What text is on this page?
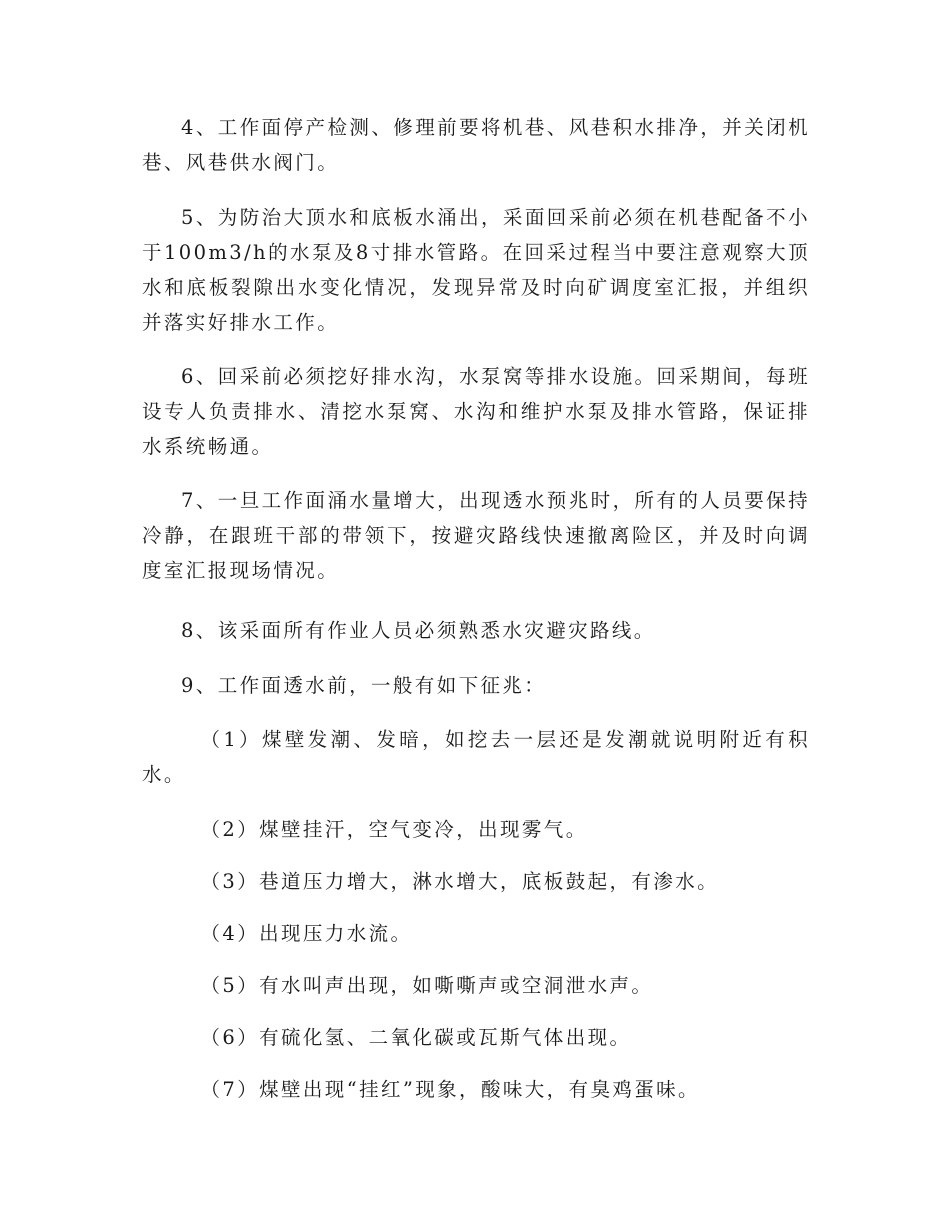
4、工作面停产检测、修理前要将机巷、风巷积水排净，并关闭机巷、风巷供水阀门。

5、为防治大顶水和底板水涌出，采面回采前必须在机巷配备不小于100m3/h的水泵及8寸排水管路。在回采过程当中要注意观察大顶水和底板裂隙出水变化情况，发现异常及时向矿调度室汇报，并组织并落实好排水工作。

6、回采前必须挖好排水沟，水泵窝等排水设施。回采期间，每班设专人负责排水、清挖水泵窝、水沟和维护水泵及排水管路，保证排水系统畅通。

7、一旦工作面涌水量增大，出现透水预兆时，所有的人员要保持冷静，在跟班干部的带领下，按避灾路线快速撤离险区，并及时向调度室汇报现场情况。

8、该采面所有作业人员必须熟悉水灾避灾路线。

9、工作面透水前，一般有如下征兆：

（1）煤壁发潮、发暗，如挖去一层还是发潮就说明附近有积水。

（2）煤壁挂汗，空气变冷，出现雾气。

（3）巷道压力增大，淋水增大，底板鼓起，有渗水。

（4）出现压力水流。

（5）有水叫声出现，如嘶嘶声或空洞泄水声。

（6）有硫化氢、二氧化碳或瓦斯气体出现。

（7）煤壁出现“挂红”现象，酸味大，有臭鸡蛋味。
